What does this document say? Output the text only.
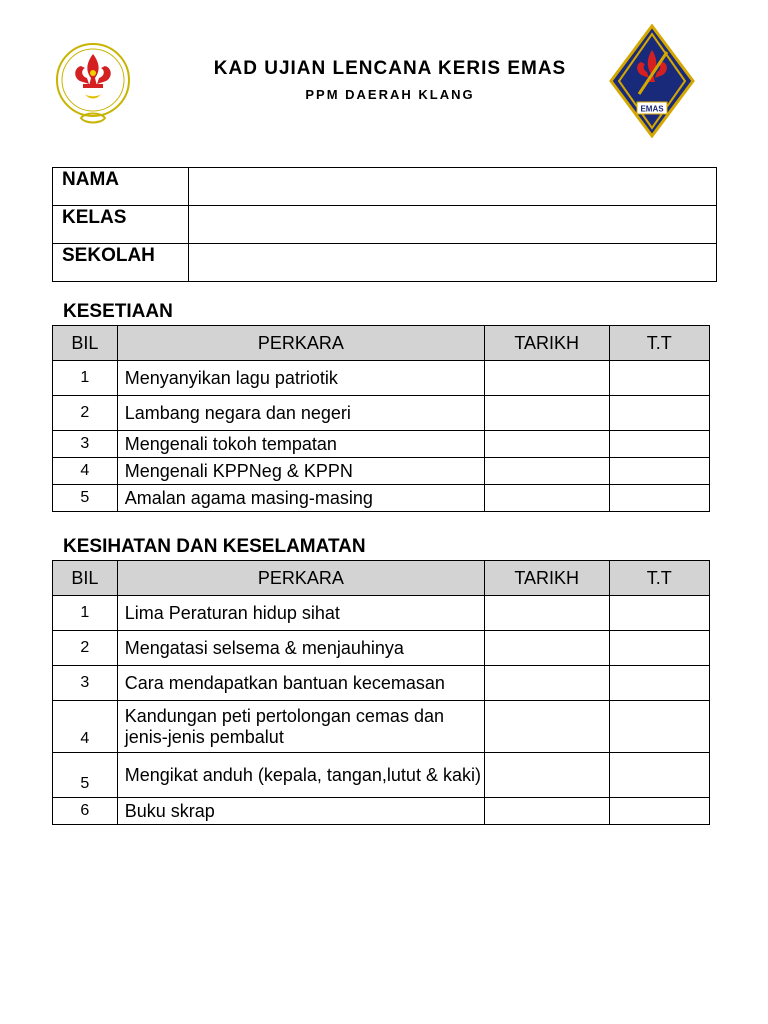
EMAS
KAD UJIAN LENCANA KERIS EMAS
PPM DAERAH KLANG
NAMA	
KELAS	
SEKOLAH	
KESETIAAN
BIL	PERKARA	TARIKH	T.T
1	Menyanyikan lagu patriotik		
2	Lambang negara dan negeri		
3	Mengenali tokoh tempatan		
4	Mengenali KPPNeg & KPPN		
5	Amalan agama masing-masing		
KESIHATAN DAN KESELAMATAN
BIL	PERKARA	TARIKH	T.T
1	Lima Peraturan hidup sihat		
2	Mengatasi selsema & menjauhinya		
3	Cara mendapatkan bantuan kecemasan		
4	Kandungan peti pertolongan cemas dan jenis-jenis pembalut		
5	Mengikat anduh (kepala, tangan,lutut & kaki)		
6	Buku skrap		
